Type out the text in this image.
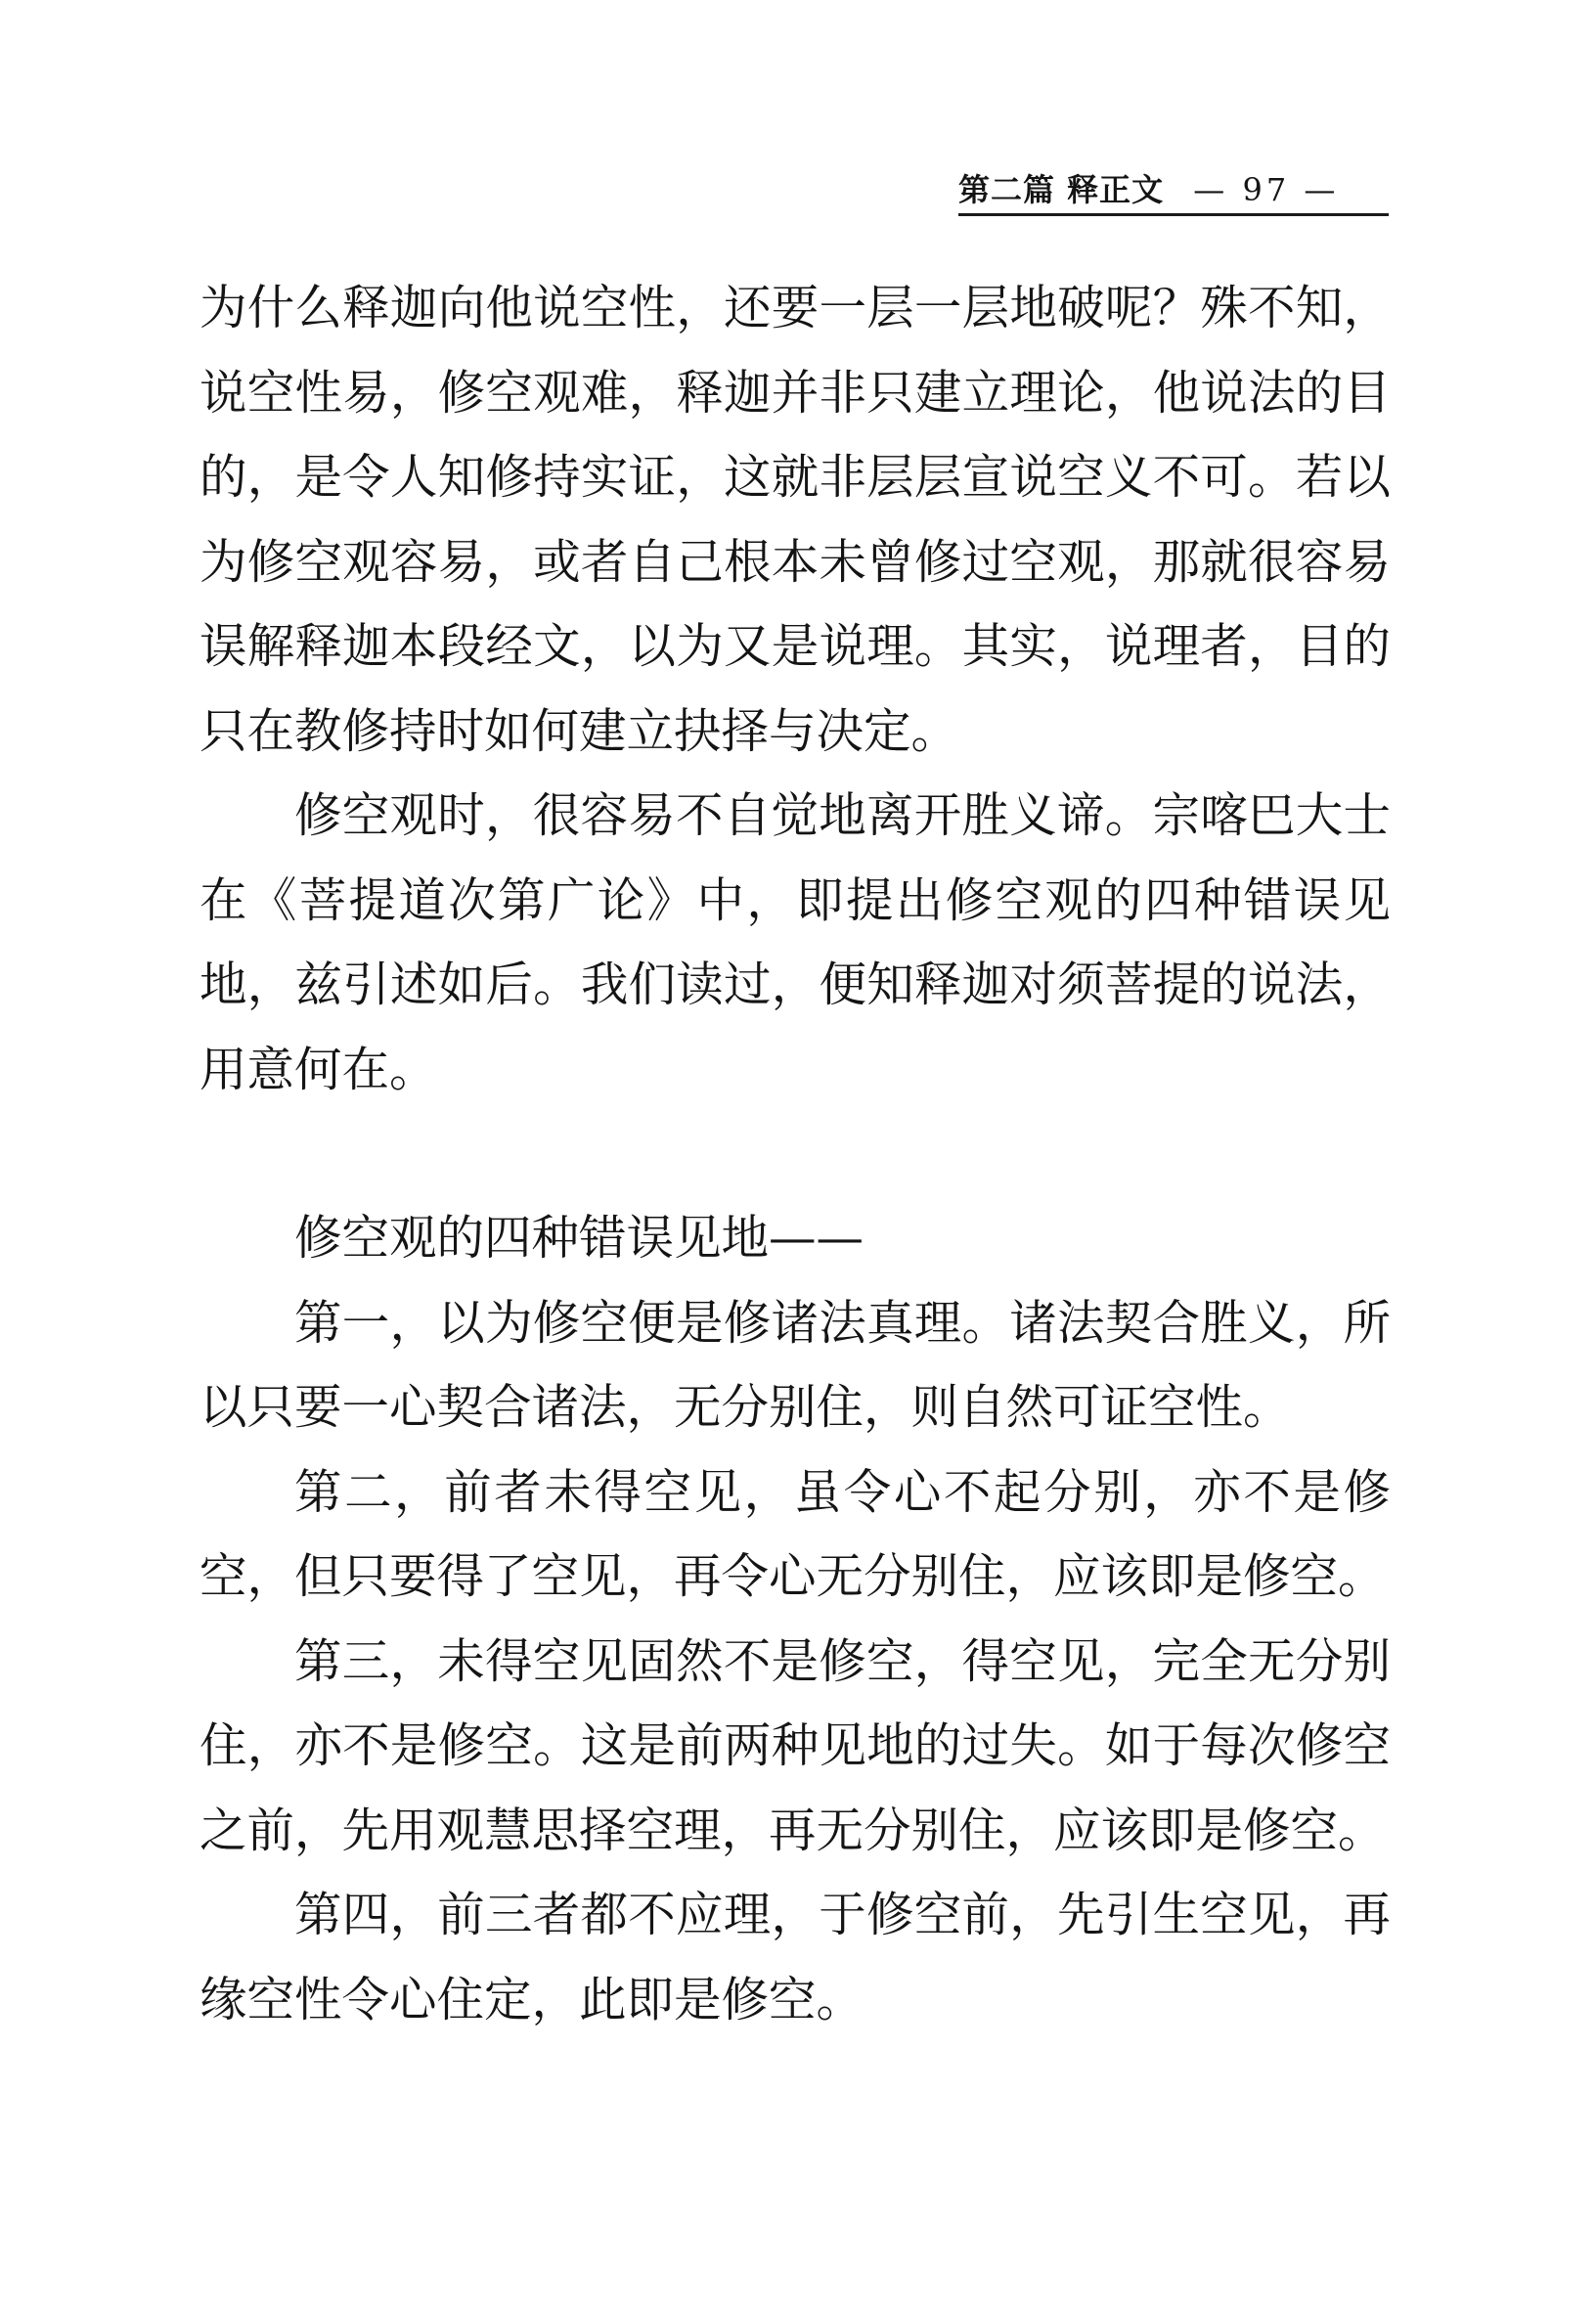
第二篇 释正文 — 97 —

为什么释迦向他说空性，还要一层一层地破呢？殊不知，说空性易，修空观难，释迦并非只建立理论，他说法的目的，是令人知修持实证，这就非层层宣说空义不可。若以为修空观容易，或者自己根本未曾修过空观，那就很容易误解释迦本段经文，以为又是说理。其实，说理者，目的只在教修持时如何建立抉择与决定。

修空观时，很容易不自觉地离开胜义谛。宗喀巴大士在《菩提道次第广论》中，即提出修空观的四种错误见地，兹引述如后。我们读过，便知释迦对须菩提的说法，用意何在。

修空观的四种错误见地——

第一，以为修空便是修诸法真理。诸法契合胜义，所以只要一心契合诸法，无分别住，则自然可证空性。

第二，前者未得空见，虽令心不起分别，亦不是修空，但只要得了空见，再令心无分别住，应该即是修空。

第三，未得空见固然不是修空，得空见，完全无分别住，亦不是修空。这是前两种见地的过失。如于每次修空之前，先用观慧思择空理，再无分别住，应该即是修空。

第四，前三者都不应理，于修空前，先引生空见，再缘空性令心住定，此即是修空。
